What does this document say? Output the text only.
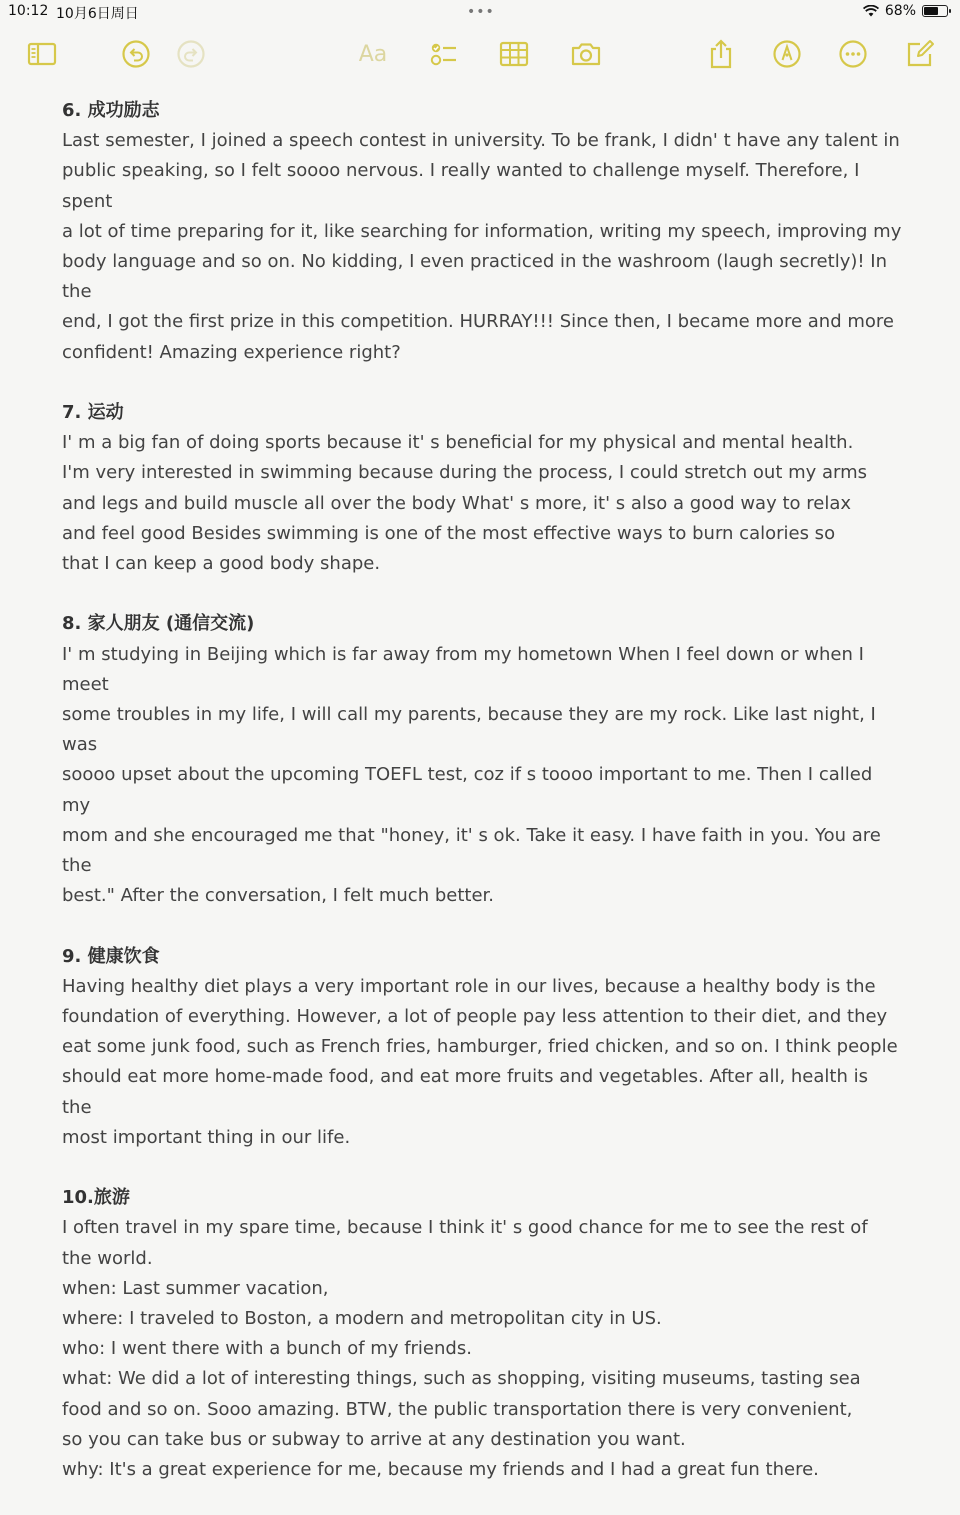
10:12 10月6日周日	•••	68%
Aa
6. 成功励志
Last semester, I joined a speech contest in university. To be frank, I didn' t have any talent in
public speaking, so I felt soooo nervous. I really wanted to challenge myself. Therefore, I spent
a lot of time preparing for it, like searching for information, writing my speech, improving my
body language and so on. No kidding, I even practiced in the washroom (laugh secretly)! In the
end, I got the first prize in this competition. HURRAY!!! Since then, I became more and more
confident! Amazing experience right?
7. 运动
I' m a big fan of doing sports because it' s beneficial for my physical and mental health.
I'm very interested in swimming because during the process, I could stretch out my arms
and legs and build muscle all over the body What' s more, it' s also a good way to relax
and feel good Besides swimming is one of the most effective ways to burn calories so
that I can keep a good body shape.
8. 家人朋友 (通信交流)
I' m studying in Beijing which is far away from my hometown When I feel down or when I meet
some troubles in my life, I will call my parents, because they are my rock. Like last night, I was
soooo upset about the upcoming TOEFL test, coz if s toooo important to me. Then I called my
mom and she encouraged me that "honey, it' s ok. Take it easy. I have faith in you. You are the
best." After the conversation, I felt much better.
9. 健康饮食
Having healthy diet plays a very important role in our lives, because a healthy body is the
foundation of everything. However, a lot of people pay less attention to their diet, and they
eat some junk food, such as French fries, hamburger, fried chicken, and so on. I think people
should eat more home-made food, and eat more fruits and vegetables. After all, health is the
most important thing in our life.
10.旅游
I often travel in my spare time, because I think it' s good chance for me to see the rest of
the world.
when: Last summer vacation,
where: I traveled to Boston, a modern and metropolitan city in US.
who: I went there with a bunch of my friends.
what: We did a lot of interesting things, such as shopping, visiting museums, tasting sea
food and so on. Sooo amazing. BTW, the public transportation there is very convenient,
so you can take bus or subway to arrive at any destination you want.
why: It's a great experience for me, because my friends and I had a great fun there.
